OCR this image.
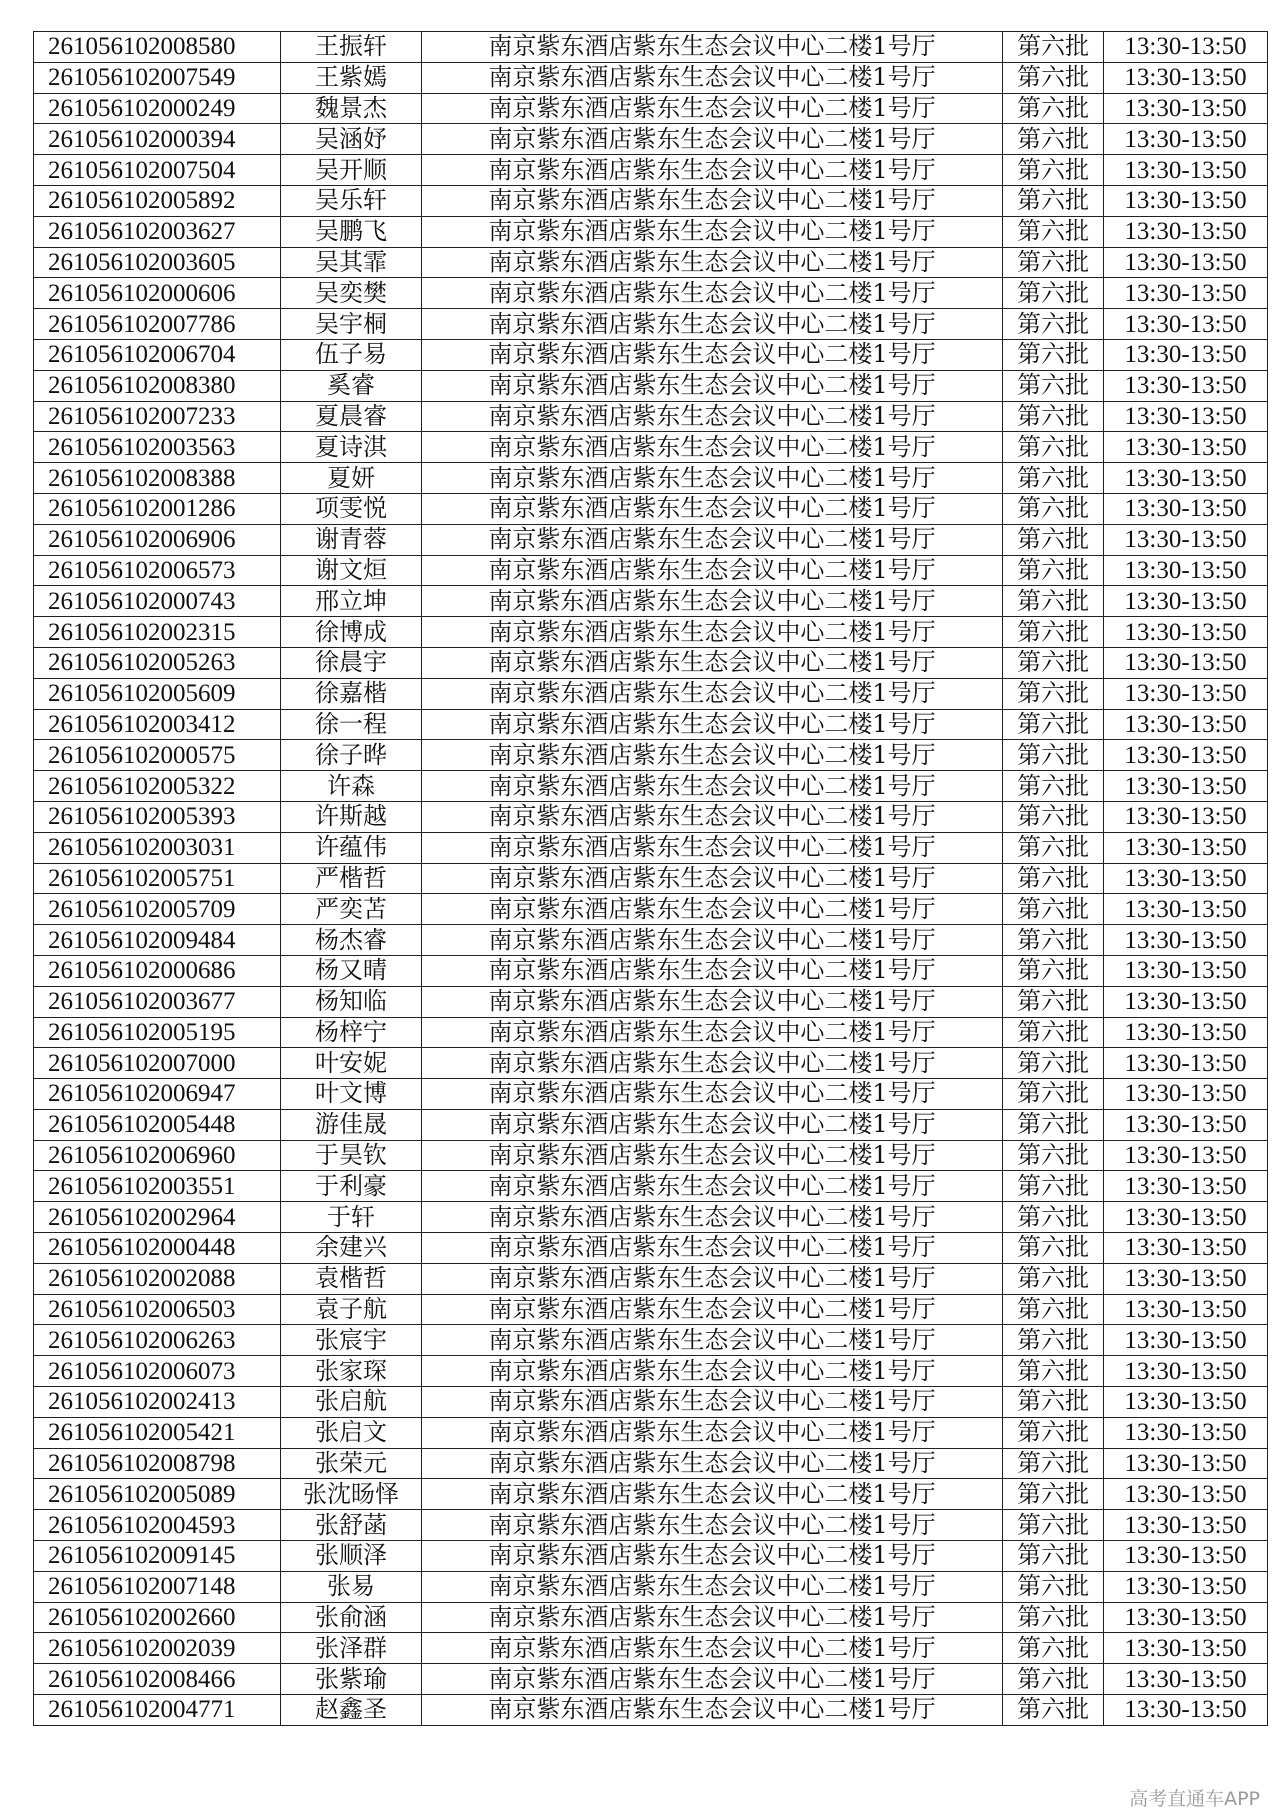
261056102008580	王振轩	南京紫东酒店紫东生态会议中心二楼1号厅	第六批	13:30-13:50
261056102007549	王紫嫣	南京紫东酒店紫东生态会议中心二楼1号厅	第六批	13:30-13:50
261056102000249	魏景杰	南京紫东酒店紫东生态会议中心二楼1号厅	第六批	13:30-13:50
261056102000394	吴涵妤	南京紫东酒店紫东生态会议中心二楼1号厅	第六批	13:30-13:50
261056102007504	吴开顺	南京紫东酒店紫东生态会议中心二楼1号厅	第六批	13:30-13:50
261056102005892	吴乐轩	南京紫东酒店紫东生态会议中心二楼1号厅	第六批	13:30-13:50
261056102003627	吴鹏飞	南京紫东酒店紫东生态会议中心二楼1号厅	第六批	13:30-13:50
261056102003605	吴其霏	南京紫东酒店紫东生态会议中心二楼1号厅	第六批	13:30-13:50
261056102000606	吴奕樊	南京紫东酒店紫东生态会议中心二楼1号厅	第六批	13:30-13:50
261056102007786	吴宇桐	南京紫东酒店紫东生态会议中心二楼1号厅	第六批	13:30-13:50
261056102006704	伍子易	南京紫东酒店紫东生态会议中心二楼1号厅	第六批	13:30-13:50
261056102008380	奚睿	南京紫东酒店紫东生态会议中心二楼1号厅	第六批	13:30-13:50
261056102007233	夏晨睿	南京紫东酒店紫东生态会议中心二楼1号厅	第六批	13:30-13:50
261056102003563	夏诗淇	南京紫东酒店紫东生态会议中心二楼1号厅	第六批	13:30-13:50
261056102008388	夏妍	南京紫东酒店紫东生态会议中心二楼1号厅	第六批	13:30-13:50
261056102001286	项雯悦	南京紫东酒店紫东生态会议中心二楼1号厅	第六批	13:30-13:50
261056102006906	谢青蓉	南京紫东酒店紫东生态会议中心二楼1号厅	第六批	13:30-13:50
261056102006573	谢文烜	南京紫东酒店紫东生态会议中心二楼1号厅	第六批	13:30-13:50
261056102000743	邢立坤	南京紫东酒店紫东生态会议中心二楼1号厅	第六批	13:30-13:50
261056102002315	徐博成	南京紫东酒店紫东生态会议中心二楼1号厅	第六批	13:30-13:50
261056102005263	徐晨宇	南京紫东酒店紫东生态会议中心二楼1号厅	第六批	13:30-13:50
261056102005609	徐嘉楷	南京紫东酒店紫东生态会议中心二楼1号厅	第六批	13:30-13:50
261056102003412	徐一程	南京紫东酒店紫东生态会议中心二楼1号厅	第六批	13:30-13:50
261056102000575	徐子晔	南京紫东酒店紫东生态会议中心二楼1号厅	第六批	13:30-13:50
261056102005322	许森	南京紫东酒店紫东生态会议中心二楼1号厅	第六批	13:30-13:50
261056102005393	许斯越	南京紫东酒店紫东生态会议中心二楼1号厅	第六批	13:30-13:50
261056102003031	许蕴伟	南京紫东酒店紫东生态会议中心二楼1号厅	第六批	13:30-13:50
261056102005751	严楷哲	南京紫东酒店紫东生态会议中心二楼1号厅	第六批	13:30-13:50
261056102005709	严奕苫	南京紫东酒店紫东生态会议中心二楼1号厅	第六批	13:30-13:50
261056102009484	杨杰睿	南京紫东酒店紫东生态会议中心二楼1号厅	第六批	13:30-13:50
261056102000686	杨又晴	南京紫东酒店紫东生态会议中心二楼1号厅	第六批	13:30-13:50
261056102003677	杨知临	南京紫东酒店紫东生态会议中心二楼1号厅	第六批	13:30-13:50
261056102005195	杨梓宁	南京紫东酒店紫东生态会议中心二楼1号厅	第六批	13:30-13:50
261056102007000	叶安妮	南京紫东酒店紫东生态会议中心二楼1号厅	第六批	13:30-13:50
261056102006947	叶文博	南京紫东酒店紫东生态会议中心二楼1号厅	第六批	13:30-13:50
261056102005448	游佳晟	南京紫东酒店紫东生态会议中心二楼1号厅	第六批	13:30-13:50
261056102006960	于昊钦	南京紫东酒店紫东生态会议中心二楼1号厅	第六批	13:30-13:50
261056102003551	于利豪	南京紫东酒店紫东生态会议中心二楼1号厅	第六批	13:30-13:50
261056102002964	于轩	南京紫东酒店紫东生态会议中心二楼1号厅	第六批	13:30-13:50
261056102000448	余建兴	南京紫东酒店紫东生态会议中心二楼1号厅	第六批	13:30-13:50
261056102002088	袁楷哲	南京紫东酒店紫东生态会议中心二楼1号厅	第六批	13:30-13:50
261056102006503	袁子航	南京紫东酒店紫东生态会议中心二楼1号厅	第六批	13:30-13:50
261056102006263	张宸宇	南京紫东酒店紫东生态会议中心二楼1号厅	第六批	13:30-13:50
261056102006073	张家琛	南京紫东酒店紫东生态会议中心二楼1号厅	第六批	13:30-13:50
261056102002413	张启航	南京紫东酒店紫东生态会议中心二楼1号厅	第六批	13:30-13:50
261056102005421	张启文	南京紫东酒店紫东生态会议中心二楼1号厅	第六批	13:30-13:50
261056102008798	张荣元	南京紫东酒店紫东生态会议中心二楼1号厅	第六批	13:30-13:50
261056102005089	张沈旸怿	南京紫东酒店紫东生态会议中心二楼1号厅	第六批	13:30-13:50
261056102004593	张舒菡	南京紫东酒店紫东生态会议中心二楼1号厅	第六批	13:30-13:50
261056102009145	张顺泽	南京紫东酒店紫东生态会议中心二楼1号厅	第六批	13:30-13:50
261056102007148	张易	南京紫东酒店紫东生态会议中心二楼1号厅	第六批	13:30-13:50
261056102002660	张俞涵	南京紫东酒店紫东生态会议中心二楼1号厅	第六批	13:30-13:50
261056102002039	张泽群	南京紫东酒店紫东生态会议中心二楼1号厅	第六批	13:30-13:50
261056102008466	张紫瑜	南京紫东酒店紫东生态会议中心二楼1号厅	第六批	13:30-13:50
261056102004771	赵鑫圣	南京紫东酒店紫东生态会议中心二楼1号厅	第六批	13:30-13:50
高考直通车APP
